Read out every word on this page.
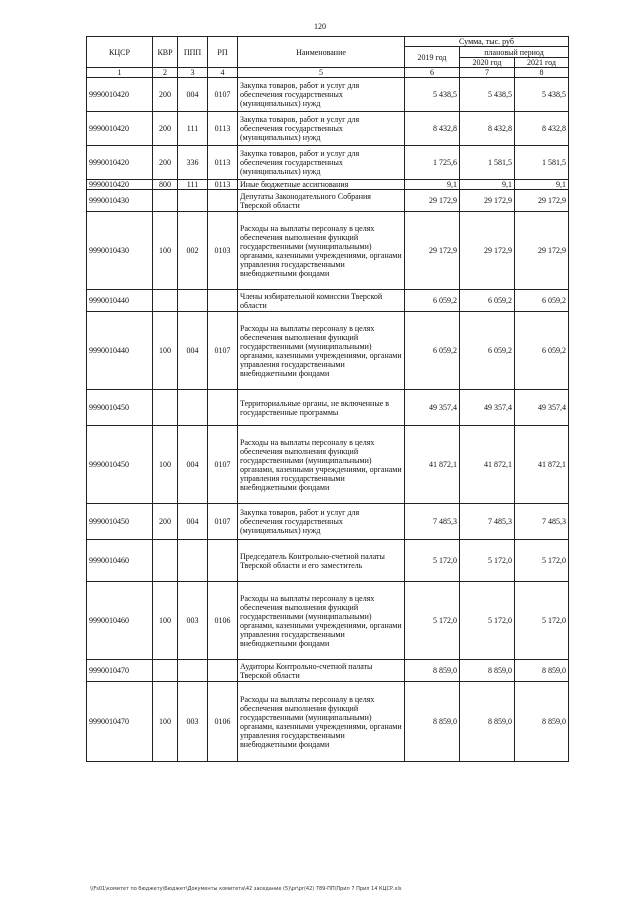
120
КЦСР	КВР	ППП	РП	Наименование	Сумма, тыс. руб		
					2019 год	плановый период	
						2020 год	2021 год
1	2	3	4	5	6	7	8
9990010420	200	004	0107	Закупка товаров, работ и услуг для обеспечения государственных (муниципальных) нужд	5 438,5	5 438,5	5 438,5
9990010420	200	111	0113	Закупка товаров, работ и услуг для обеспечения государственных (муниципальных) нужд	8 432,8	8 432,8	8 432,8
9990010420	200	336	0113	Закупка товаров, работ и услуг для обеспечения государственных (муниципальных) нужд	1 725,6	1 581,5	1 581,5
9990010420	800	111	0113	Иные бюджетные ассигнования	9,1	9,1	9,1
9990010430				Депутаты Законодательного Собрания Тверской области	29 172,9	29 172,9	29 172,9
9990010430	100	002	0103	Расходы на выплаты персоналу в целях обеспечения выполнения функций государственными (муниципальными) органами, казенными учреждениями, органами управления государственными внебюджетными фондами	29 172,9	29 172,9	29 172,9
9990010440				Члены избирательной комиссии Тверской области	6 059,2	6 059,2	6 059,2
9990010440	100	004	0107	Расходы на выплаты персоналу в целях обеспечения выполнения функций государственными (муниципальными) органами, казенными учреждениями, органами управления государственными внебюджетными фондами	6 059,2	6 059,2	6 059,2
9990010450				Территориальные органы, не включенные в государственные программы	49 357,4	49 357,4	49 357,4
9990010450	100	004	0107	Расходы на выплаты персоналу в целях обеспечения выполнения функций государственными (муниципальными) органами, казенными учреждениями, органами управления государственными внебюджетными фондами	41 872,1	41 872,1	41 872,1
9990010450	200	004	0107	Закупка товаров, работ и услуг для обеспечения государственных (муниципальных) нужд	7 485,3	7 485,3	7 485,3
9990010460				Председатель Контрольно-счетной палаты Тверской области и его заместитель	5 172,0	5 172,0	5 172,0
9990010460	100	003	0106	Расходы на выплаты персоналу в целях обеспечения выполнения функций государственными (муниципальными) органами, казенными учреждениями, органами управления государственными внебюджетными фондами	5 172,0	5 172,0	5 172,0
9990010470				Аудиторы Контрольно-счетной палаты Тверской области	8 859,0	8 859,0	8 859,0
9990010470	100	003	0106	Расходы на выплаты персоналу в целях обеспечения выполнения функций государственными (муниципальными) органами, казенными учреждениями, органами управления государственными внебюджетными фондами	8 859,0	8 859,0	8 859,0
\\Fs01\комитет по бюджету\Бюджет\Документы комитета\42 заседание (5)\pr\pr(42) 789-ПП\Прил 7 Прил 14 КЦСР.xls
